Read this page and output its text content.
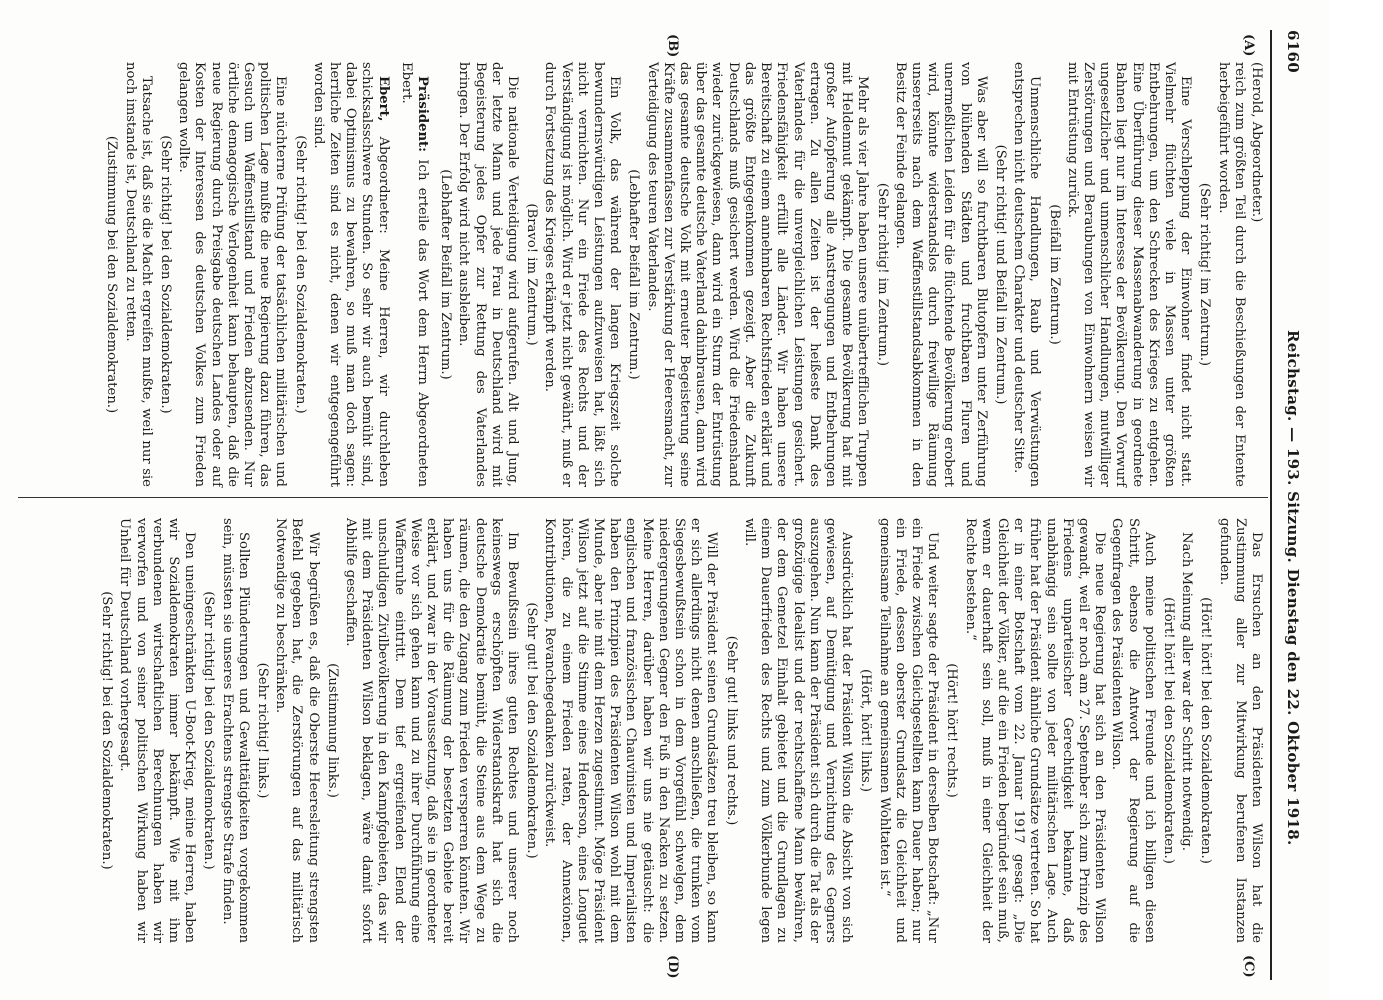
6160
Reichstag. — 193. Sitzung. Dienstag den 22. Oktober 1918.
(A)
(B)
(C)
(D)

(Herold, Abgeordneter.)

reich zum größten Teil durch die Beschießungen der Entente herbeigeführt worden.

(Sehr richtig! im Zentrum.)

Eine Verschleppung der Einwohner findet nicht statt. Vielmehr flüchten viele in Massen unter größten Entbehrungen, um den Schrecken des Krieges zu entgehen. Eine Überführung dieser Massenabwanderung in geordnete Bahnen liegt nur im Interesse der Bevölkerung. Den Vorwurf ungesetzlicher und unmenschlicher Handlungen, mutwilliger Zerstörungen und Beraubungen von Einwohnern weisen wir mit Entrüstung zurück.

(Beifall im Zentrum.)

Unmenschliche Handlungen, Raub und Verwüstungen entsprechen nicht deutschem Charakter und deutscher Sitte.

(Sehr richtig! und Beifall im Zentrum.)

Was aber will so furchtbaren Blutopfern unter Zerführung von blühenden Städten und fruchtbaren Fluren und unermeßlichen Leiden für die flüchtende Bevölkerung erobert wird, könnte widerstandslos durch freiwillige Räumung unsererseits nach dem Waffenstillstandsabkommen in den Besitz der Feinde gelangen.

(Sehr richtig! im Zentrum.)

Mehr als vier Jahre haben unsere unübertrefflichen Truppen mit Heldenmut gekämpft. Die gesamte Bevölkerung hat mit großer Aufopferung alle Anstrengungen und Entbehrungen ertragen. Zu allen Zeiten ist der heißeste Dank des Vaterlandes für die unvergleichlichen Leistungen gesichert. Friedensfähigkeit erfüllt alle Länder. Wir haben unsere Bereitschaft zu einem annehmbaren Rechtsfrieden erklärt und das größte Entgegenkommen gezeigt. Aber die Zukunft Deutschlands muß gesichert werden. Wird die Friedenshand wieder zurückgewiesen, dann wird ein Sturm der Entrüstung über das gesamte deutsche Vaterland dahinbrausen, dann wird das gesamte deutsche Volk mit erneuter Begeisterung seine Kräfte zusammenfassen zur Verstärkung der Heeresmacht, zur Verteidigung des teuren Vaterlandes.

(Lebhafter Beifall im Zentrum.)

Ein Volk, das während der langen Kriegszeit solche bewundernswürdigen Leistungen aufzuweisen hat, läßt sich nicht vernichten. Nur ein Friede des Rechts und der Verständigung ist möglich. Wird er jetzt nicht gewährt, muß er durch Fortsetzung des Krieges erkämpft werden.

(Bravo! im Zentrum.)

Die nationale Verteidigung wird aufgerufen. Alt und Jung, der letzte Mann und jede Frau in Deutschland wird mit Begeisterung jedes Opfer zur Rettung des Vaterlandes bringen. Der Erfolg wird nicht ausbleiben.

(Lebhafter Beifall im Zentrum.)

Präsident: Ich erteile das Wort dem Herrn Abgeordneten Ebert.

Ebert, Abgeordneter: Meine Herren, wir durchleben schicksalsschwere Stunden. So sehr wir auch bemüht sind, dabei Optimismus zu bewahren, so muß man doch sagen: herrliche Zeiten sind es nicht, denen wir entgegengeführt worden sind.

(Sehr richtig! bei den Sozialdemokraten.)

Eine nüchterne Prüfung der tatsächlichen militärischen und politischen Lage mußte die neue Regierung dazu führen, das Gesuch um Waffenstillstand und Frieden abzusenden. Nur örtliche demagogische Verlogenheit kann behaupten, daß die neue Regierung durch Preisgabe deutschen Landes oder auf Kosten der Interessen des deutschen Volkes zum Frieden gelangen wollte.

(Sehr richtig! bei den Sozialdemokraten.)

Tatsache ist, daß sie die Macht ergreifen mußte, weil nur sie noch imstande ist, Deutschland zu retten.

(Zustimmung bei den Sozialdemokraten.)

Das Ersuchen an den Präsidenten Wilson hat die Zustimmung aller zur Mitwirkung berufenen Instanzen gefunden.

(Hört! hört! bei den Sozialdemokraten.)

Nach Meinung aller war der Schritt notwendig.

(Hört! hört! bei den Sozialdemokraten.)

Auch meine politischen Freunde und ich billigen diesen Schritt, ebenso die Antwort der Regierung auf die Gegenfragen des Präsidenten Wilson.

Die neue Regierung hat sich an den Präsidenten Wilson gewandt, weil er noch am 27. September sich zum Prinzip des Friedens unparteiischer Gerechtigkeit bekannte, daß unabhängig sein sollte von jeder militärischen Lage. Auch früher hat der Präsident ähnliche Grundsätze vertreten. So hat er in einer Botschaft vom 22. Januar 1917 gesagt: „Die Gleichheit der Völker, auf die ein Frieden begründet sein muß, wenn er dauerhaft sein soll, muß in einer Gleichheit der Rechte bestehen.“

(Hört! hört! rechts.)

Und weiter sagte der Präsident in derselben Botschaft: „Nur ein Friede zwischen Gleichgestellten kann Dauer haben; nur ein Friede, dessen oberster Grundsatz die Gleichheit und gemeinsame Teilnahme an gemeinsamen Wohltaten ist.“

(Hört, hört! links.)

Ausdrücklich hat der Präsident Wilson die Absicht von sich gewiesen, auf Demütigung und Vernichtung des Gegners auszugehen. Nun kann der Präsident sich durch die Tat als der großzügige Idealist und der rechtschaffene Mann bewähren, der dem Gemetzel Einhalt gebietet und die Grundlagen zu einem Dauerfrieden des Rechts und zum Völkerbunde legen will.

(Sehr gut! links und rechts.)

Will der Präsident seinen Grundsätzen treu bleiben, so kann er sich allerdings nicht denen anschließen, die trunken vom Siegesbewußtsein schon in dem Vorgefühl schwelgen, dem niedergerungenen Gegner den Fuß in den Nacken zu setzen. Meine Herren, darüber haben wir uns nie getäuscht: die englischen und französischen Chauvinisten und Imperialisten haben den Prinzipien des Präsidenten Wilson wohl mit dem Munde, aber nie mit dem Herzen zugestimmt. Möge Präsident Wilson jetzt auf die Stimme eines Henderson, eines Longuet hören, die zu einem Frieden raten, der Annexionen, Kontributionen, Revanchegedanken zurückweist.

(Sehr gut! bei den Sozialdemokraten.)

Im Bewußtsein ihres guten Rechtes und unserer noch keineswegs erschöpften Widerstandskraft hat sich die deutsche Demokratie bemüht, die Steine aus dem Wege zu räumen, die den Zugang zum Frieden versperren könnten. Wir haben uns für die Räumung der besetzten Gebiete bereit erklärt, und zwar in der Voraussetzung, daß sie in geordneter Weise vor sich gehen kann und zu ihrer Durchführung eine Waffenruhe eintritt. Dem tief ergreifenden Elend der unschuldigen Zivilbevölkerung in den Kampfgebieten, das wir mit dem Präsidenten Wilson beklagen, wäre damit sofort Abhilfe geschaffen.

(Zustimmung links.)

Wir begrüßen es, daß die Oberste Heeresleitung strengsten Befehl gegeben hat, die Zerstörungen auf das militärisch Notwendige zu beschränken.

(Sehr richtig! links.)

Sollten Plünderungen und Gewalttätigkeiten vorgekommen sein, müssten sie unseres Erachtens strengste Strafe finden.

(Sehr richtig! bei den Sozialdemokraten.)

Den uneingeschränkten U-Boot-Krieg, meine Herren, haben wir Sozialdemokraten immer bekämpft. Wie mit ihm verbundenen wirtschaftlichen Berechnungen haben wir verworfen und von seiner politischen Wirkung haben wir Unheil für Deutschland vorhergesagt.

(Sehr richtig! bei den Sozialdemokraten.)
